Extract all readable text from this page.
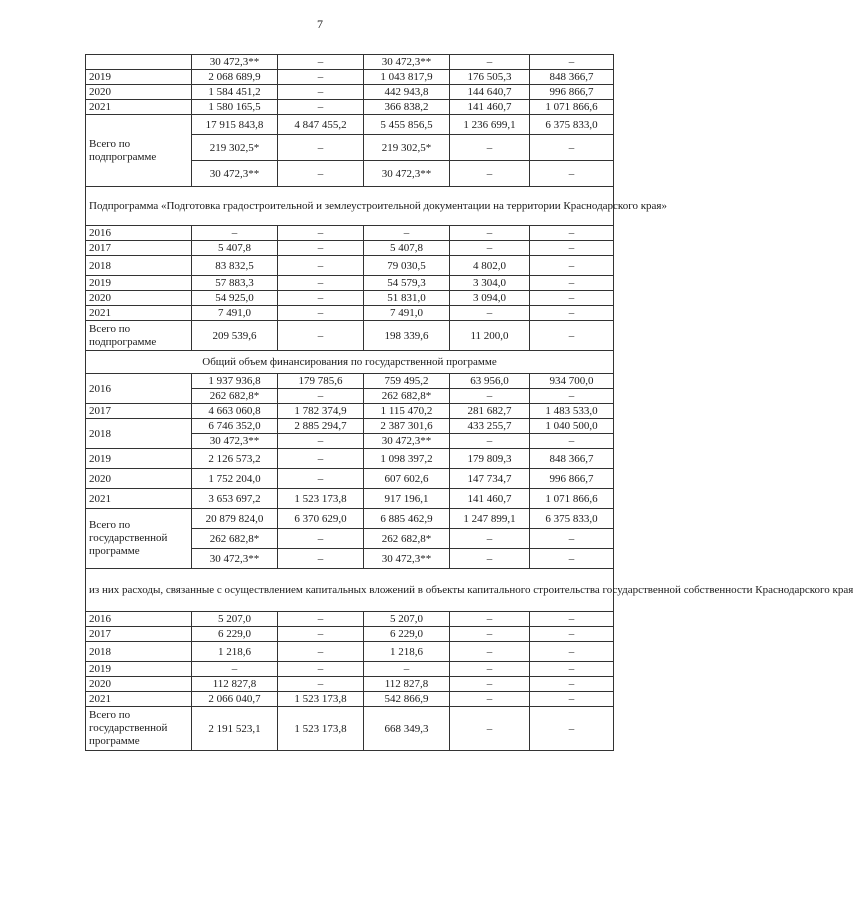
7
	30 472,3**	–	30 472,3**	–	–
2019	2 068 689,9	–	1 043 817,9	176 505,3	848 366,7
2020	1 584 451,2	–	442 943,8	144 640,7	996 866,7
2021	1 580 165,5	–	366 838,2	141 460,7	1 071 866,6
Всего по подпрограмме	17 915 843,8	4 847 455,2	5 455 856,5	1 236 699,1	6 375 833,0
	219 302,5*	–	219 302,5*	–	–
	30 472,3**	–	30 472,3**	–	–
Подпрограмма «Подготовка градостроительной и землеустроительной документации на территории Краснодарского края»					
2016	–	–	–	–	–
2017	5 407,8	–	5 407,8	–	–
2018	83 832,5	–	79 030,5	4 802,0	–
2019	57 883,3	–	54 579,3	3 304,0	–
2020	54 925,0	–	51 831,0	3 094,0	–
2021	7 491,0	–	7 491,0	–	–
Всего по подпрограмме	209 539,6	–	198 339,6	11 200,0	–
Общий объем финансирования по государственной программе					
2016	1 937 936,8	179 785,6	759 495,2	63 956,0	934 700,0
	262 682,8*	–	262 682,8*	–	–
2017	4 663 060,8	1 782 374,9	1 115 470,2	281 682,7	1 483 533,0
2018	6 746 352,0	2 885 294,7	2 387 301,6	433 255,7	1 040 500,0
	30 472,3**	–	30 472,3**	–	–
2019	2 126 573,2	–	1 098 397,2	179 809,3	848 366,7
2020	1 752 204,0	–	607 602,6	147 734,7	996 866,7
2021	3 653 697,2	1 523 173,8	917 196,1	141 460,7	1 071 866,6
Всего по государственной программе	20 879 824,0	6 370 629,0	6 885 462,9	1 247 899,1	6 375 833,0
	262 682,8*	–	262 682,8*	–	–
	30 472,3**	–	30 472,3**	–	–
из них расходы, связанные с осуществлением капитальных вложений в объекты капитального строительства государственной собственности Краснодарского края					
2016	5 207,0	–	5 207,0	–	–
2017	6 229,0	–	6 229,0	–	–
2018	1 218,6	–	1 218,6	–	–
2019	–	–	–	–	–
2020	112 827,8	–	112 827,8	–	–
2021	2 066 040,7	1 523 173,8	542 866,9	–	–
Всего по государственной программе	2 191 523,1	1 523 173,8	668 349,3	–	–
